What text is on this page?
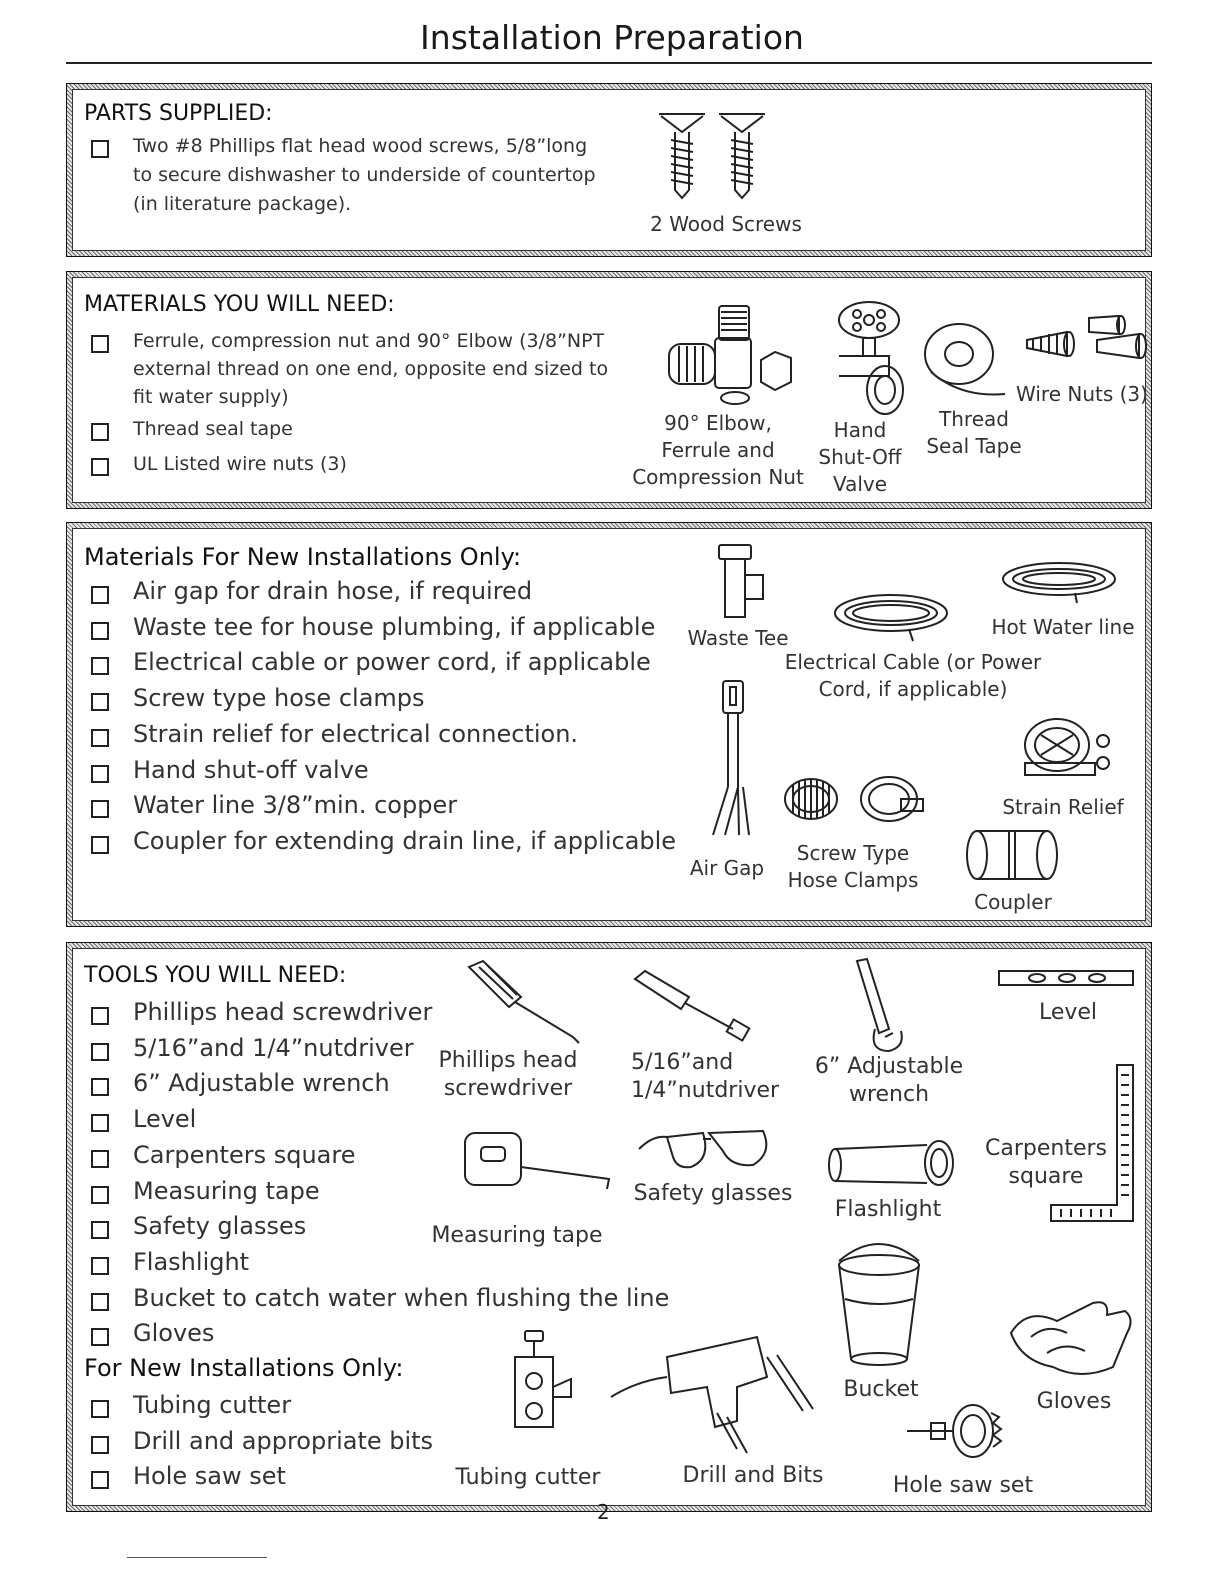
Installation Preparation
PARTS SUPPLIED:
Two #8 Phillips flat head wood screws, 5/8”long to secure dishwasher to underside of countertop (in literature package).
2 Wood Screws
MATERIALS YOU WILL NEED:
Ferrule, compression nut and 90° Elbow (3/8”NPT external thread on one end, opposite end sized to fit water supply)
Thread seal tape
UL Listed wire nuts (3)
90° Elbow, Ferrule and Compression Nut
Hand Shut-Off Valve
Thread Seal Tape
Wire Nuts (3)
Materials For New Installations Only:
Air gap for drain hose, if required
Waste tee for house plumbing, if applicable
Electrical cable or power cord, if applicable
Screw type hose clamps
Strain relief for electrical connection.
Hand shut-off valve
Water line 3/8”min. copper
Coupler for extending drain line, if applicable
Waste Tee	Hot Water line
Electrical Cable (or Power Cord, if applicable)
Strain Relief
Air Gap
Screw Type Hose Clamps
Coupler
TOOLS YOU WILL NEED:
Phillips head screwdriver
5/16”and 1/4”nutdriver
6” Adjustable wrench
Level
Carpenters square
Measuring tape
Safety glasses
Flashlight
Bucket to catch water when flushing the line
Gloves
For New Installations Only:
Tubing cutter
Drill and appropriate bits
Hole saw set
Phillips head screwdriver
5/16”and 1/4”nutdriver
6” Adjustable wrench
Level
Carpenters square
Measuring tape
Safety glasses
Flashlight
Bucket	Gloves
Tubing cutter	Drill and Bits	Hole saw set
2
